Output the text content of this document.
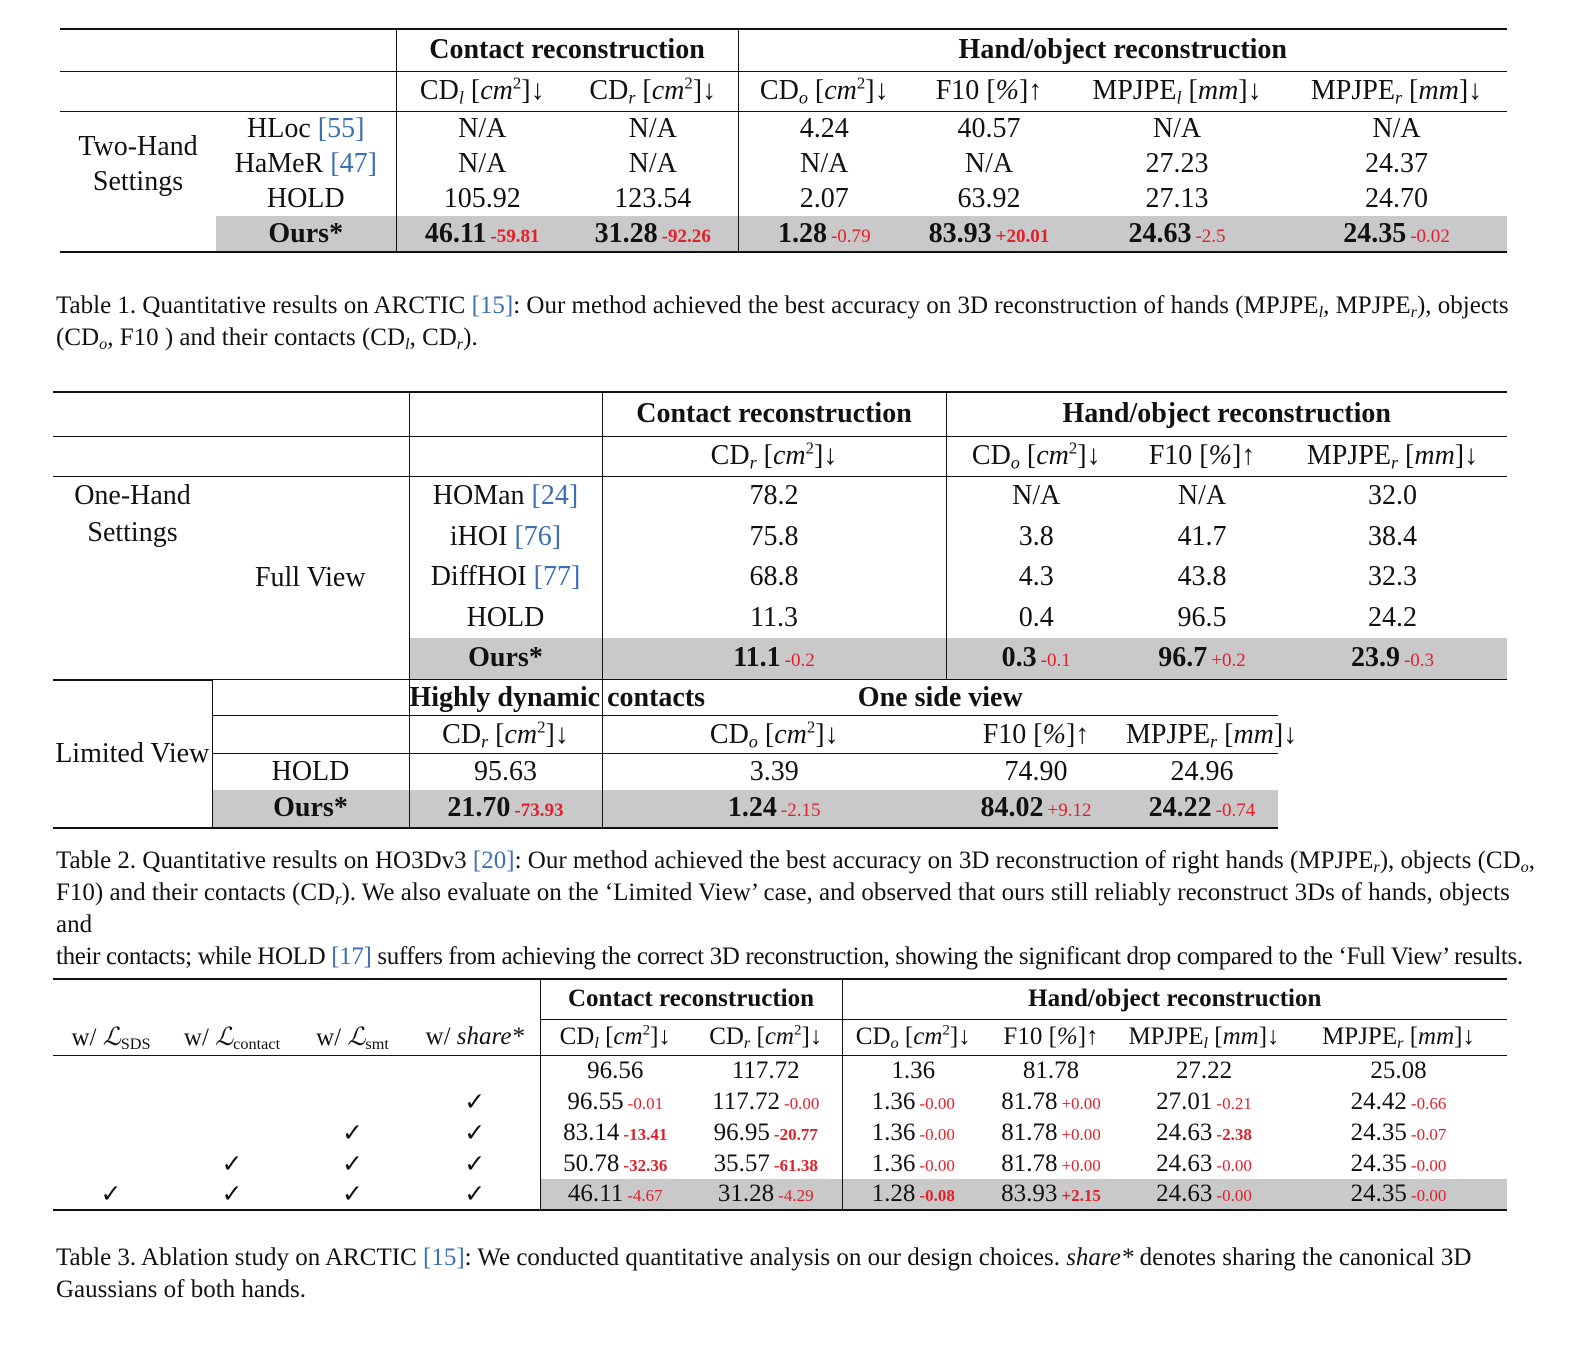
		Contact reconstruction		Hand/object reconstruction			
		$CD_l$ $[cm^2]↓$	$CD_r$ $[cm^2]↓$	$CD_o$ $[cm^2]↓$	F10 [%]↑	$MPJPE_l$ [mm]↓	$MPJPE_r$ [mm]↓

Two-Hand
Settings	HLoc [55]	N/A	N/A	4.24	40.57	N/A	N/A
	HaMeR [47]	N/A	N/A	N/A	N/A	27.23	24.37
	HOLD	105.92	123.54	2.07	63.92	27.13	24.70
	Ours*	46.11 -59.81	31.28 -92.26	1.28 -0.79	83.93 +20.01	24.63 -2.5	24.35 -0.02
Table 1. Quantitative results on ARCTIC [15]: Our method achieved the best accuracy on 3D reconstruction of hands ($MPJPE_l$, $MPJPE_r$), objects
($CD_o$, F10 ) and their contacts ($CD_l$, $CD_r$).
			Contact reconstruction	Hand/object reconstruction		
			$CD_r$ $[cm^2]↓$	$CD_o$ $[cm^2]↓$	F10 [%]↑	$MPJPE_r$ [mm]↓

One-Hand
Settings	Full View	HOMan [24]	78.2	N/A	N/A	32.0
		iHOI [76]	75.8	3.8	41.7	38.4
		DiffHOI [77]	68.8	4.3	43.8	32.3
		HOLD	11.3	0.4	96.5	24.2
		Ours*	11.1 -0.2	0.3 -0.1	96.7 +0.2	23.9 -0.3
Limited View		Highly dynamic contacts	One side view			
		$CD_r$ $[cm^2]↓$	$CD_o$ $[cm^2]↓$	F10 [%]↑	$MPJPE_r$ [mm]↓	
	HOLD	95.63	3.39	74.90	24.96	
	Ours*	21.70 -73.93	1.24 -2.15	84.02 +9.12	24.22 -0.74	
Table 2. Quantitative results on HO3Dv3 [20]: Our method achieved the best accuracy on 3D reconstruction of right hands $(MPJPE_r)$, objects ($CD_o$,
F10) and their contacts $(CD_r)$. We also evaluate on the ‘Limited View’ case, and observed that ours still reliably reconstruct 3Ds of hands, objects and
their contacts; while HOLD [17] suffers from achieving the correct 3D reconstruction, showing the significant drop compared to the ‘Full View’ results.
				Contact reconstruction		Hand/object reconstruction			
w/ ℒ$_{SDS}$	w/ ℒ$_{contact}$	w/ ℒ$_{smt}$	w/ share*	$CD_l$ $[cm^2]↓$	$CD_r$ $[cm^2]↓$	$CD_o$ $[cm^2]↓$	F10 [%]↑	$MPJPE_l$ [mm]↓	$MPJPE_r$ [mm]↓
				96.56	117.72	1.36	81.78	27.22	25.08
			✓	96.55 -0.01	117.72 -0.00	1.36 -0.00	81.78 +0.00	27.01 -0.21	24.42 -0.66
		✓	✓	83.14 -13.41	96.95 -20.77	1.36 -0.00	81.78 +0.00	24.63 -2.38	24.35 -0.07
	✓	✓	✓	50.78 -32.36	35.57 -61.38	1.36 -0.00	81.78 +0.00	24.63 -0.00	24.35 -0.00
✓	✓	✓	✓	46.11 -4.67	31.28 -4.29	1.28 -0.08	83.93 +2.15	24.63 -0.00	24.35 -0.00
Table 3. Ablation study on ARCTIC [15]: We conducted quantitative analysis on our design choices. share* denotes sharing the canonical 3D
Gaussians of both hands.
